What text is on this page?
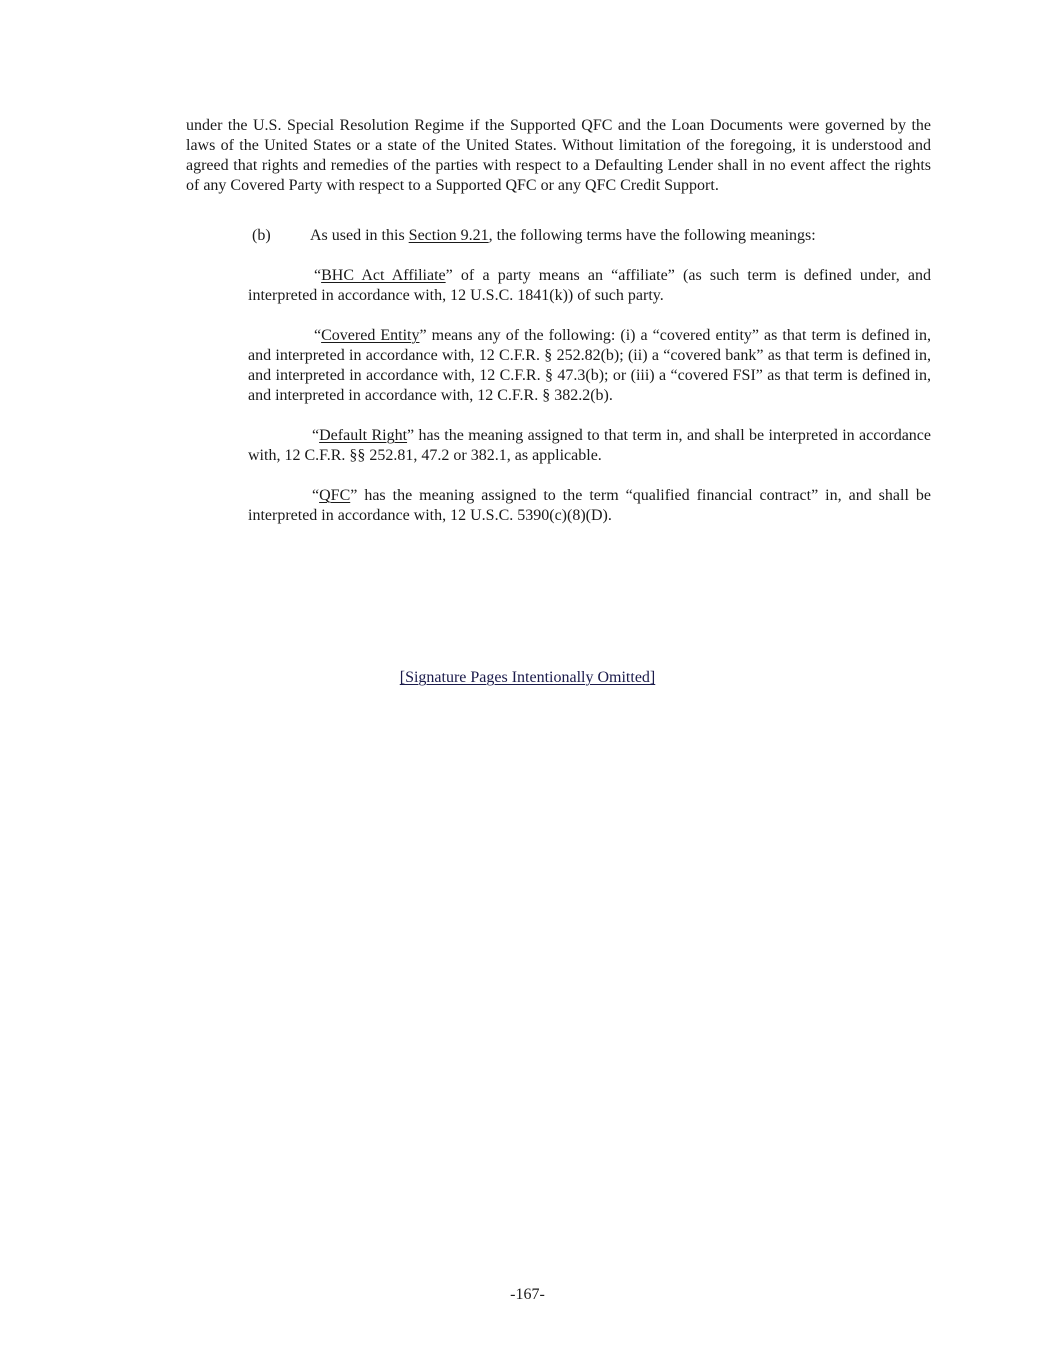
under the U.S. Special Resolution Regime if the Supported QFC and the Loan Documents were governed by the laws of the United States or a state of the United States. Without limitation of the foregoing, it is understood and agreed that rights and remedies of the parties with respect to a Defaulting Lender shall in no event affect the rights of any Covered Party with respect to a Supported QFC or any QFC Credit Support.

(b) As used in this Section 9.21, the following terms have the following meanings:

“BHC Act Affiliate” of a party means an “affiliate” (as such term is defined under, and interpreted in accordance with, 12 U.S.C. 1841(k)) of such party.

“Covered Entity” means any of the following: (i) a “covered entity” as that term is defined in, and interpreted in accordance with, 12 C.F.R. § 252.82(b); (ii) a “covered bank” as that term is defined in, and interpreted in accordance with, 12 C.F.R. § 47.3(b); or (iii) a “covered FSI” as that term is defined in, and interpreted in accordance with, 12 C.F.R. § 382.2(b).

“Default Right” has the meaning assigned to that term in, and shall be interpreted in accordance with, 12 C.F.R. §§ 252.81, 47.2 or 382.1, as applicable.

“QFC” has the meaning assigned to the term “qualified financial contract” in, and shall be interpreted in accordance with, 12 U.S.C. 5390(c)(8)(D).

[Signature Pages Intentionally Omitted]
-167-
